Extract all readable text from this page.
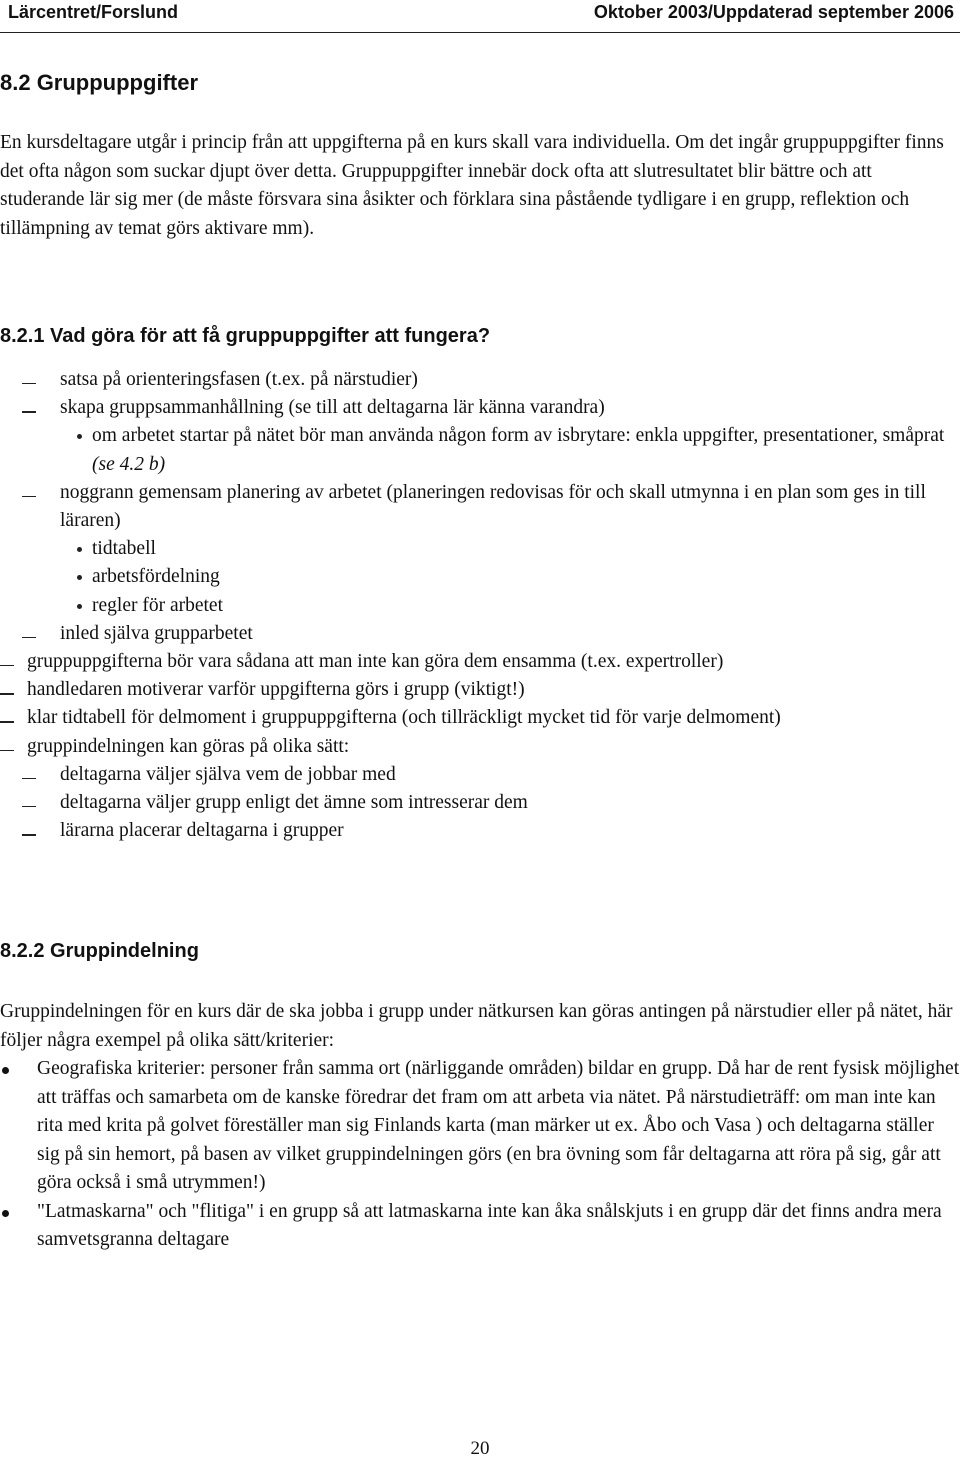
Lärcentret/Forslund	Oktober 2003/Uppdaterad september 2006
8.2 Gruppuppgifter

En kursdeltagare utgår i princip från att uppgifterna på en kurs skall vara individuella. Om det ingår gruppuppgifter finns det ofta någon som suckar djupt över detta. Gruppuppgifter innebär dock ofta att slutresultatet blir bättre och att studerande lär sig mer (de måste försvara sina åsikter och förklara sina påstående tydligare i en grupp, reflektion och tillämpning av temat görs aktivare mm).

8.2.1 Vad göra för att få gruppuppgifter att fungera?

satsa på orienteringsfasen (t.ex. på närstudier)

skapa gruppsammanhållning (se till att deltagarna lär känna varandra)

om arbetet startar på nätet bör man använda någon form av isbrytare: enkla uppgifter, presentationer, småprat (se 4.2 b)

noggrann gemensam planering av arbetet (planeringen redovisas för och skall utmynna i en plan som ges in till läraren)

tidtabell

arbetsfördelning

regler för arbetet

inled själva grupparbetet

gruppuppgifterna bör vara sådana att man inte kan göra dem ensamma (t.ex. expertroller)

handledaren motiverar varför uppgifterna görs i grupp (viktigt!)

klar tidtabell för delmoment i gruppuppgifterna (och tillräckligt mycket tid för varje delmoment)

gruppindelningen kan göras på olika sätt:

deltagarna väljer själva vem de jobbar med

deltagarna väljer grupp enligt det ämne som intresserar dem

lärarna placerar deltagarna i grupper

8.2.2 Gruppindelning

Gruppindelningen för en kurs där de ska jobba i grupp under nätkursen kan göras antingen på närstudier eller på nätet, här följer några exempel på olika sätt/kriterier:

Geografiska kriterier: personer från samma ort (närliggande områden) bildar en grupp. Då har de rent fysisk möjlighet att träffas och samarbeta om de kanske föredrar det fram om att arbeta via nätet. På närstudieträff: om man inte kan rita med krita på golvet föreställer man sig Finlands karta (man märker ut ex. Åbo och Vasa ) och deltagarna ställer sig på sin hemort, på basen av vilket gruppindelningen görs (en bra övning som får deltagarna att röra på sig, går att göra också i små utrymmen!)

"Latmaskarna" och "flitiga" i en grupp så att latmaskarna inte kan åka snålskjuts i en grupp där det finns andra mera samvetsgranna deltagare

20
